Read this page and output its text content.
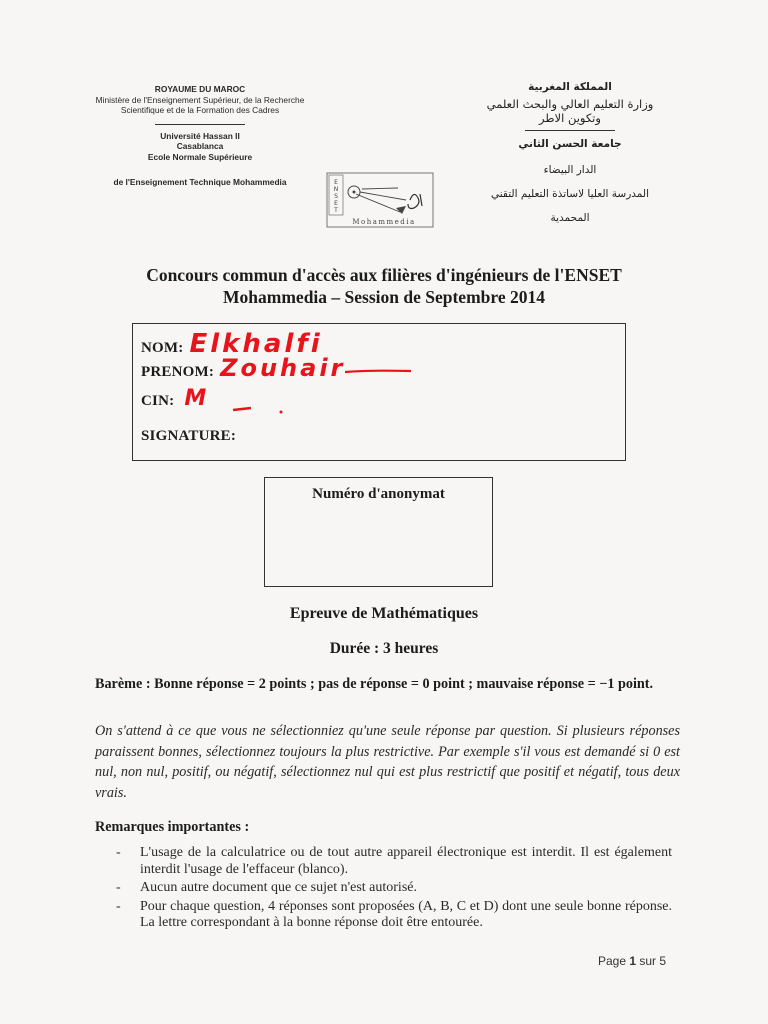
ROYAUME DU MAROC
Ministère de l'Enseignement Supérieur, de la Recherche Scientifique et de la Formation des Cadres
Université Hassan II
Casablanca
Ecole Normale Supérieure
de l'Enseignement Technique Mohammedia	E
N
S
E
T
Mohammedia
المملكة المغربية
وزارة التعليم العالي والبحث العلمي وتكوين الاطر
جامعة الحسن الثاني
الدار البيضاء
المدرسة العليا لاساتذة التعليم التقني
المحمدية
Concours commun d'accès aux filières d'ingénieurs de l'ENSET
Mohammedia – Session de Septembre 2014
NOM: Elkhalfi
PRENOM: Zouhair
CIN: M
SIGNATURE:
Numéro d'anonymat
Epreuve de Mathématiques
Durée : 3 heures
Barème : Bonne réponse = 2 points ; pas de réponse = 0 point ; mauvaise réponse = −1 point.
On s'attend à ce que vous ne sélectionniez qu'une seule réponse par question. Si plusieurs réponses paraissent bonnes, sélectionnez toujours la plus restrictive. Par exemple s'il vous est demandé si 0 est nul, non nul, positif, ou négatif, sélectionnez nul qui est plus restrictif que positif et négatif, tous deux vrais.
Remarques importantes :
- L'usage de la calculatrice ou de tout autre appareil électronique est interdit. Il est également interdit l'usage de l'effaceur (blanco).
- Aucun autre document que ce sujet n'est autorisé.
- Pour chaque question, 4 réponses sont proposées (A, B, C et D) dont une seule bonne réponse. La lettre correspondant à la bonne réponse doit être entourée.
Page 1 sur 5
